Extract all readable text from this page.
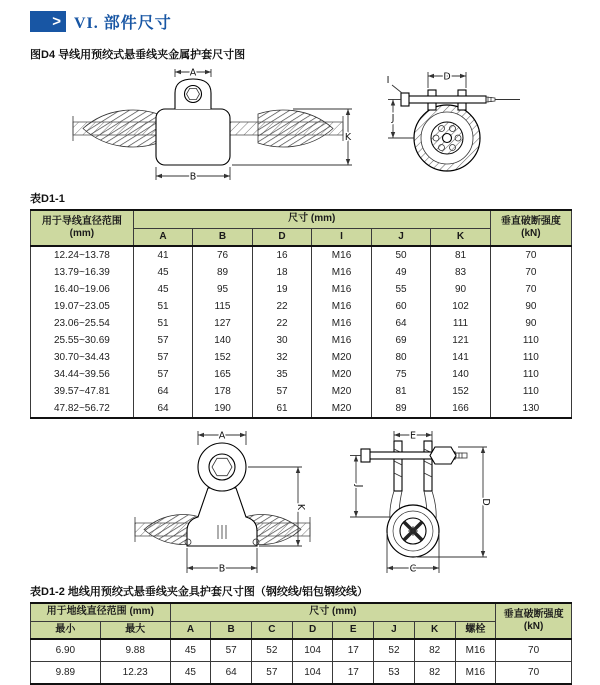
> VI. 部件尺寸
图D4 导线用预绞式悬垂线夹金属护套尺寸图
A
B
K
D
I
J
表D1-1
用于导线直径范围 (mm)	尺寸 (mm)						垂直破断强度 (kN)
	A	B	D	I	J	K	
12.24~13.78	41	76	16	M16	50	81	70
13.79~16.39	45	89	18	M16	49	83	70
16.40~19.06	45	95	19	M16	55	90	70
19.07~23.05	51	115	22	M16	60	102	90
23.06~25.54	51	127	22	M16	64	111	90
25.55~30.69	57	140	30	M16	69	121	110
30.70~34.43	57	152	32	M20	80	141	110
34.44~39.56	57	165	35	M20	75	140	110
39.57~47.81	64	178	57	M20	81	152	110
47.82~56.72	64	190	61	M20	89	166	130
A
B
K
E
J
D
C
表D1-2 地线用预绞式悬垂线夹金具护套尺寸图（钢绞线/铝包钢绞线）
用于地线直径范围 (mm)		尺寸 (mm)								垂直破断强度 (kN)
最小	最大	A	B	C	D	E	J	K	螺栓	
6.90	9.88	45	57	52	104	17	52	82	M16	70
9.89	12.23	45	64	57	104	17	53	82	M16	70
